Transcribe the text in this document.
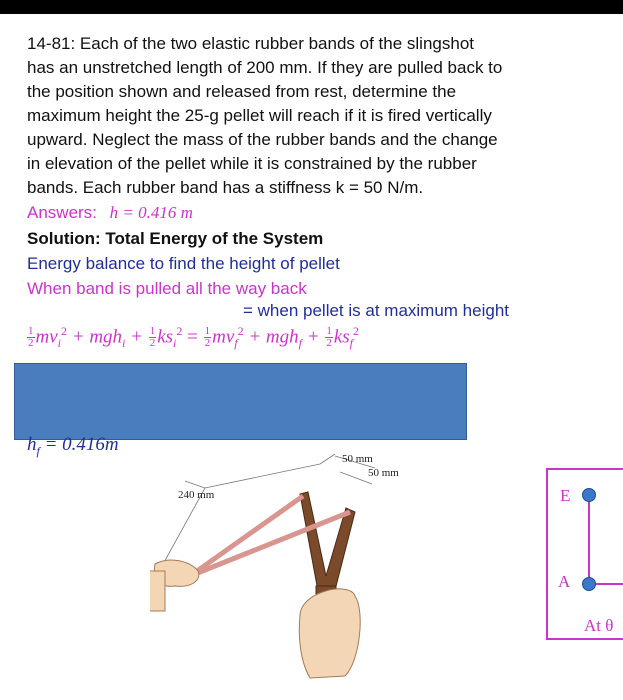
14-81: Each of the two elastic rubber bands of the slingshot
has an unstretched length of 200 mm. If they are pulled back to
the position shown and released from rest, determine the
maximum height the 25-g pellet will reach if it is fired vertically
upward. Neglect the mass of the rubber bands and the change
in elevation of the pellet while it is constrained by the rubber
bands. Each rubber band has a stiffness k = 50 N/m.
Answers: h = 0.416 m
Solution: Total Energy of the System
Energy balance to find the height of pellet
When band is pulled all the way back
= when pellet is at maximum height
$\frac{1}{2} mv_i^2 + mgh_i + \frac{1}{2} ks_i^2 = \frac{1}{2} mv_f^2 + mgh_f + \frac{1}{2} ks_f^2$
$h_f = 0.416m$
240 mm
50 mm
50 mm
E
A
At θ
